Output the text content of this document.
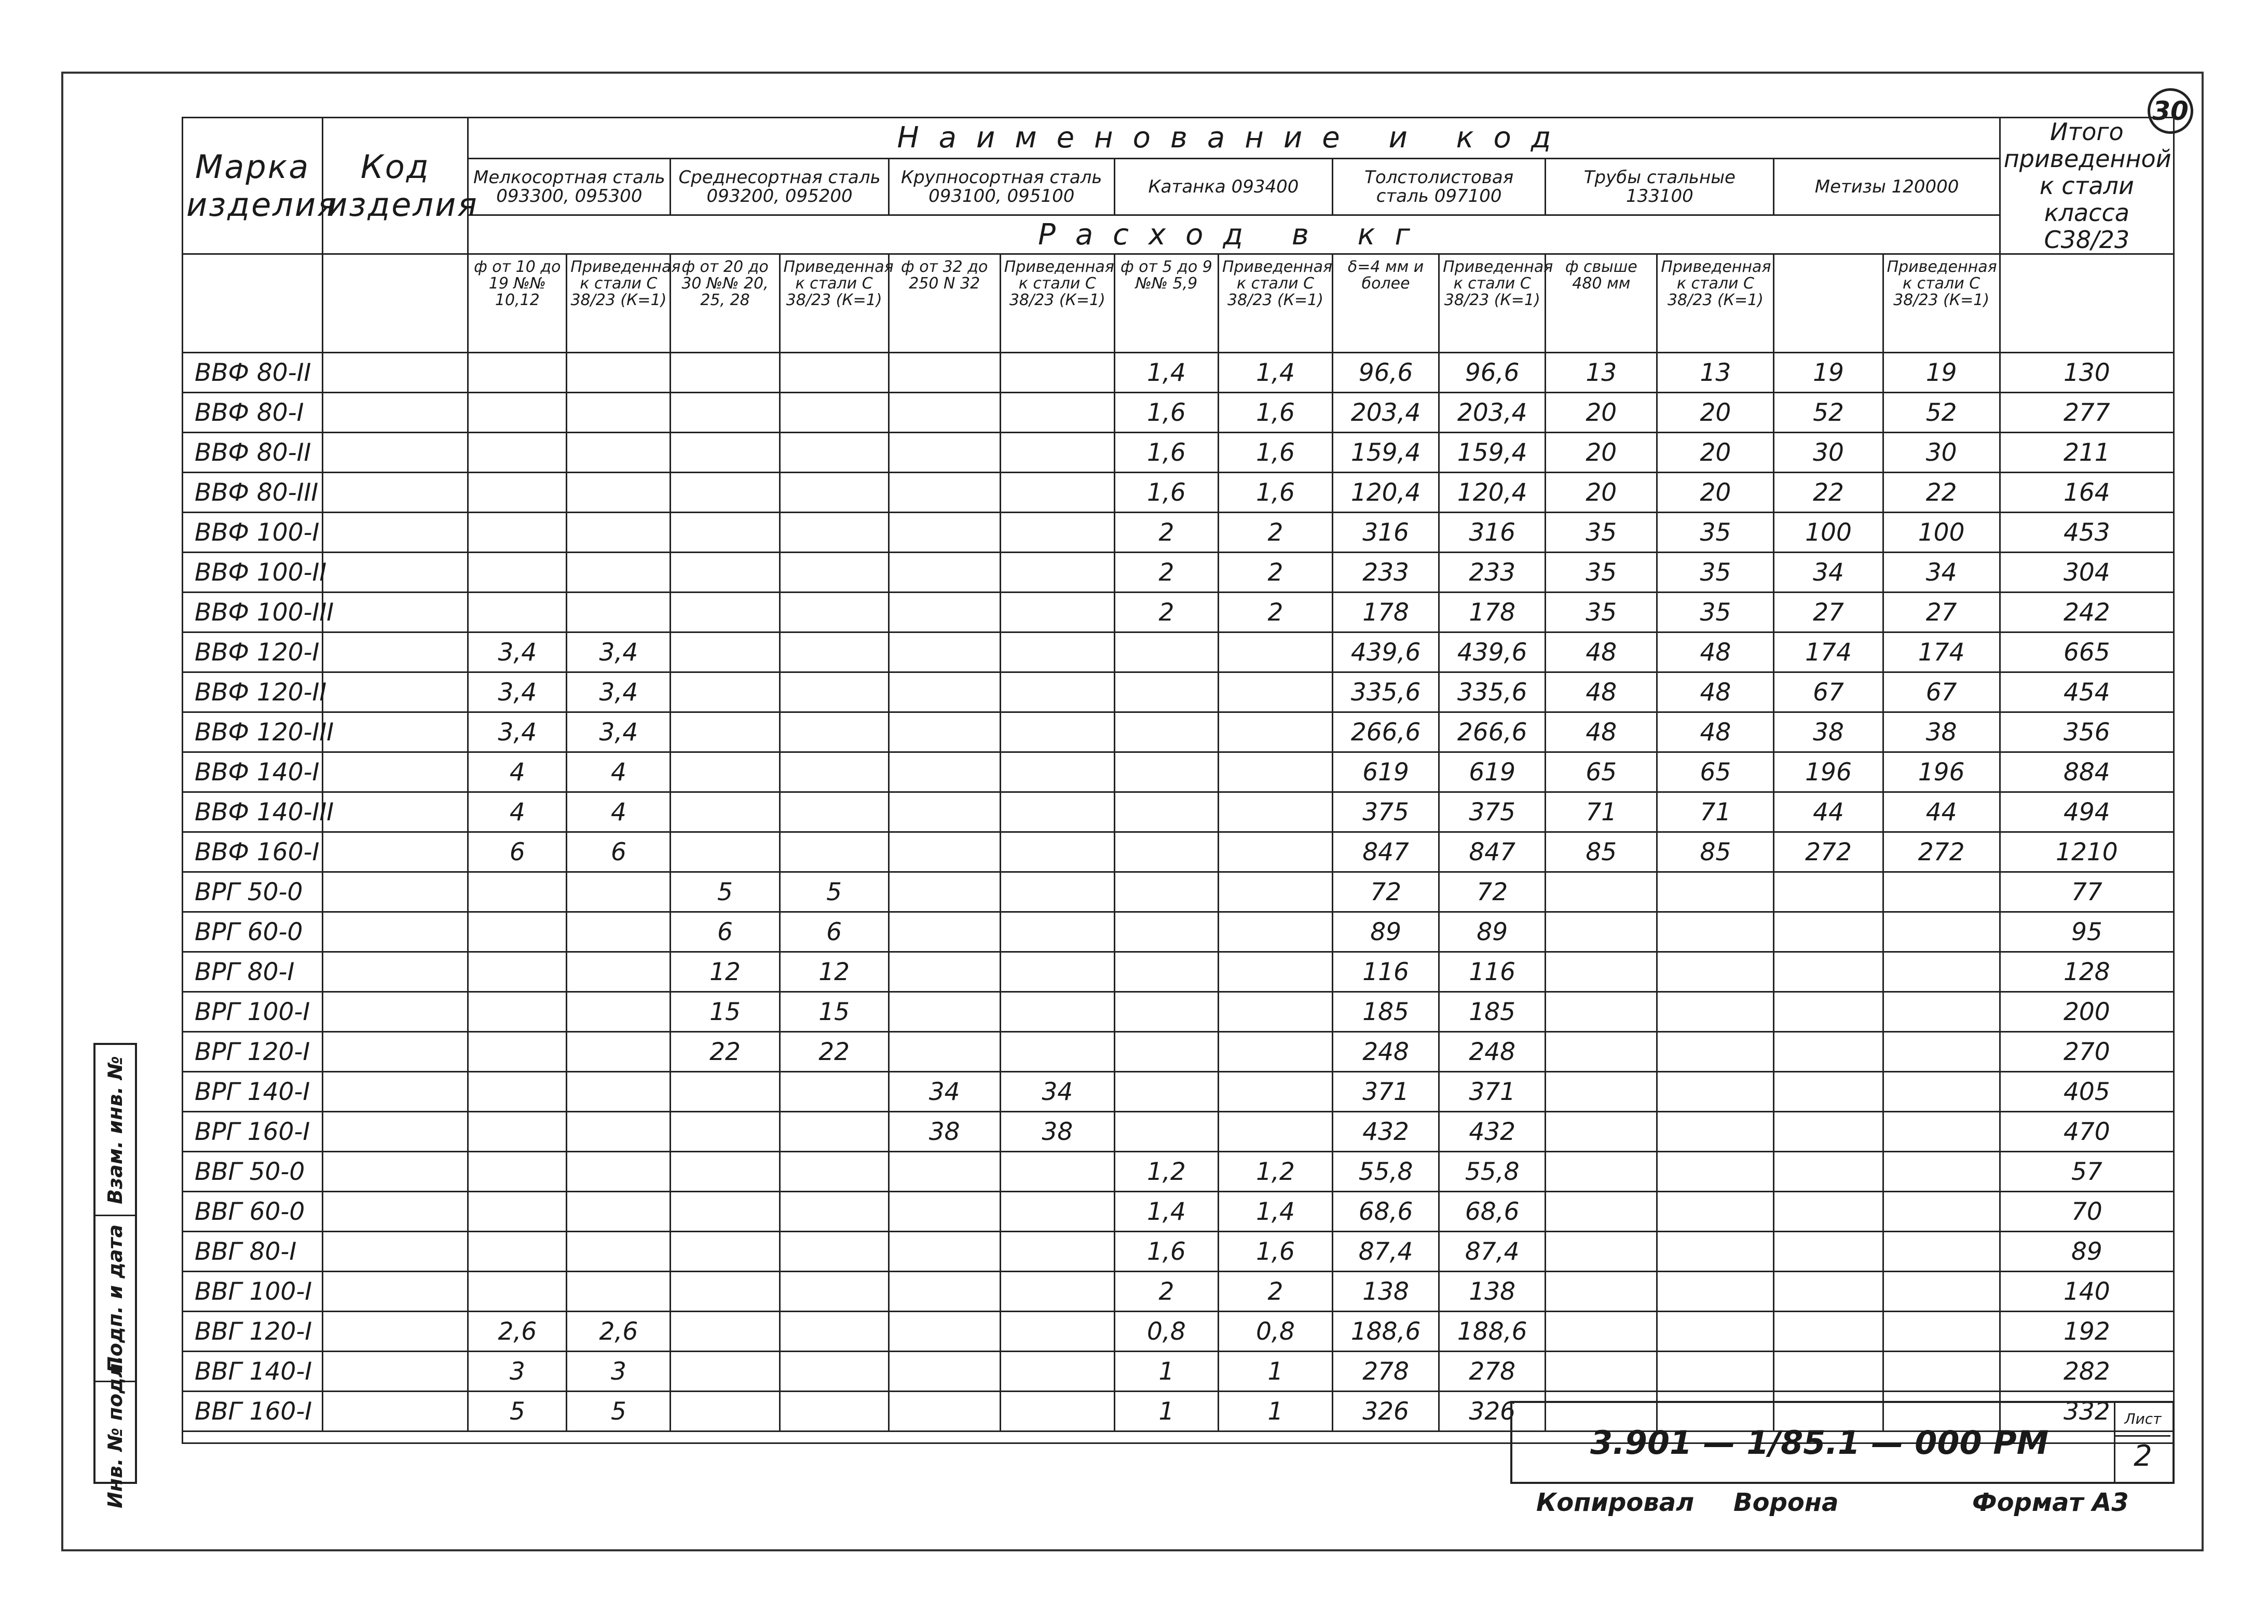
30
Марка изделия	Код изделия	Наименование и код														Итого приведенной к стали класса С38/23
		Мелкосортная сталь 093300, 095300		Среднесортная сталь 093200, 095200		Крупносортная сталь 093100, 095100		Катанка 093400		Толстолистовая сталь 097100		Трубы стальные 133100		Метизы 120000		
		Расход в кг														
		ф от 10 до 19 №№ 10,12	Приведенная к стали С 38/23 (К=1)	ф от 20 до 30 №№ 20, 25, 28	Приведенная к стали С 38/23 (К=1)	ф от 32 до 250 N 32	Приведенная к стали С 38/23 (К=1)	ф от 5 до 9 №№ 5,9	Приведенная к стали С 38/23 (К=1)	δ=4 мм и более	Приведенная к стали С 38/23 (К=1)	ф свыше 480 мм	Приведенная к стали С 38/23 (К=1)		Приведенная к стали С 38/23 (К=1)	
ВВФ 80-II								1,4	1,4	96,6	96,6	13	13	19	19	130
ВВФ 80-I								1,6	1,6	203,4	203,4	20	20	52	52	277
ВВФ 80-II								1,6	1,6	159,4	159,4	20	20	30	30	211
ВВФ 80-III								1,6	1,6	120,4	120,4	20	20	22	22	164
ВВФ 100-I								2	2	316	316	35	35	100	100	453
ВВФ 100-II								2	2	233	233	35	35	34	34	304
ВВФ 100-III								2	2	178	178	35	35	27	27	242
ВВФ 120-I		3,4	3,4							439,6	439,6	48	48	174	174	665
ВВФ 120-II		3,4	3,4							335,6	335,6	48	48	67	67	454
ВВФ 120-III		3,4	3,4							266,6	266,6	48	48	38	38	356
ВВФ 140-I		4	4							619	619	65	65	196	196	884
ВВФ 140-III		4	4							375	375	71	71	44	44	494
ВВФ 160-I		6	6							847	847	85	85	272	272	1210
ВРГ 50-0				5	5					72	72					77
ВРГ 60-0				6	6					89	89					95
ВРГ 80-I				12	12					116	116					128
ВРГ 100-I				15	15					185	185					200
ВРГ 120-I				22	22					248	248					270
ВРГ 140-I						34	34			371	371					405
ВРГ 160-I						38	38			432	432					470
ВВГ 50-0								1,2	1,2	55,8	55,8					57
ВВГ 60-0								1,4	1,4	68,6	68,6					70
ВВГ 80-I								1,6	1,6	87,4	87,4					89
ВВГ 100-I								2	2	138	138					140
ВВГ 120-I		2,6	2,6					0,8	0,8	188,6	188,6					192
ВВГ 140-I		3	3					1	1	278	278					282
ВВГ 160-I		5	5					1	1	326	326					332

Взам. инв. №
Подп. и дата
Инв. № подл.	3.901 — 1/85.1 — 000 РМ
Лист
2
Копировал Ворона	Формат А3
